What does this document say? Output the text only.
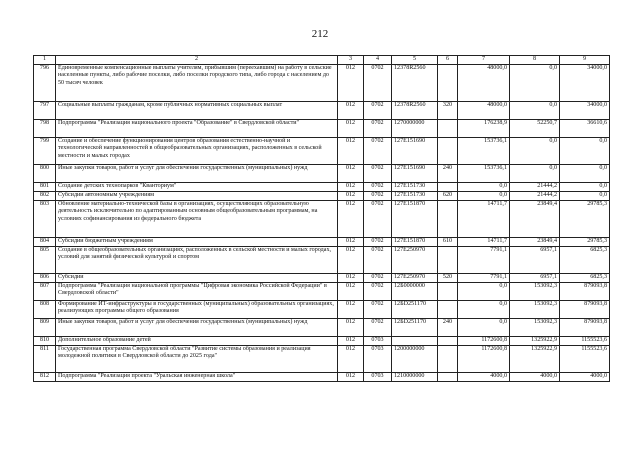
212
1	2	3	4	5	6	7	8	9
796	Единовременные компенсационные выплаты учителям, прибывшим (переехавшим) на работу в сельские населенные пункты, либо рабочие поселки, либо поселки городского типа, либо города с населением до 50 тысяч человек	012	0702	12378R2560		48000,0	0,0	34000,0
797	Социальные выплаты гражданам, кроме публичных нормативных социальных выплат	012	0702	12378R2560	320	48000,0	0,0	34000,0
798	Подпрограмма "Реализация национального проекта "Образование" в Свердловской области"	012	0702	1270000000		176238,9	52250,7	36610,6
799	Создание и обеспечение функционирования центров образования естественно-научной и технологической направленностей в общеобразовательных организациях, расположенных в сельской местности и малых городах	012	0702	127E151690		153736,1	0,0	0,0
800	Иные закупки товаров, работ и услуг для обеспечения государственных (муниципальных) нужд	012	0702	127E151690	240	153736,1	0,0	0,0
801	Создание детских технопарков "Кванториум"	012	0702	127E151730		0,0	21444,2	0,0
802	Субсидии автономным учреждениям	012	0702	127E151730	620	0,0	21444,2	0,0
803	Обновление материально-технической базы в организациях, осуществляющих образовательную деятельность исключительно по адаптированным основным общеобразовательным программам, на условиях софинансирования из федерального бюджета	012	0702	127E151870		14711,7	23849,4	29785,3
804	Субсидии бюджетным учреждениям	012	0702	127E151870	610	14711,7	23849,4	29785,3
805	Создание в общеобразовательных организациях, расположенных в сельской местности и малых городах, условий для занятий физической культурой и спортом	012	0702	127E250970		7791,1	6957,1	6825,3
806	Субсидии	012	0702	127E250970	520	7791,1	6957,1	6825,3
807	Подпрограмма "Реализация национальной программы "Цифровая экономика Российской Федерации" в Свердловской области"	012	0702	12Б0000000		0,0	153092,3	879093,8
808	Формирование ИТ-инфраструктуры в государственных (муниципальных) образовательных организациях, реализующих программы общего образования	012	0702	12БD251170		0,0	153092,3	879093,8
809	Иные закупки товаров, работ и услуг для обеспечения государственных (муниципальных) нужд	012	0702	12БD251170	240	0,0	153092,3	879093,8
810	Дополнительное образование детей	012	0703			1172600,8	1325922,9	1155523,6
811	Государственная программа Свердловской области "Развитие системы образования и реализация молодежной политики в Свердловской области до 2025 года"	012	0703	1200000000		1172600,8	1325922,9	1155523,6
812	Подпрограмма "Реализация проекта "Уральская инженерная школа"	012	0703	1210000000		4000,0	4000,0	4000,0
